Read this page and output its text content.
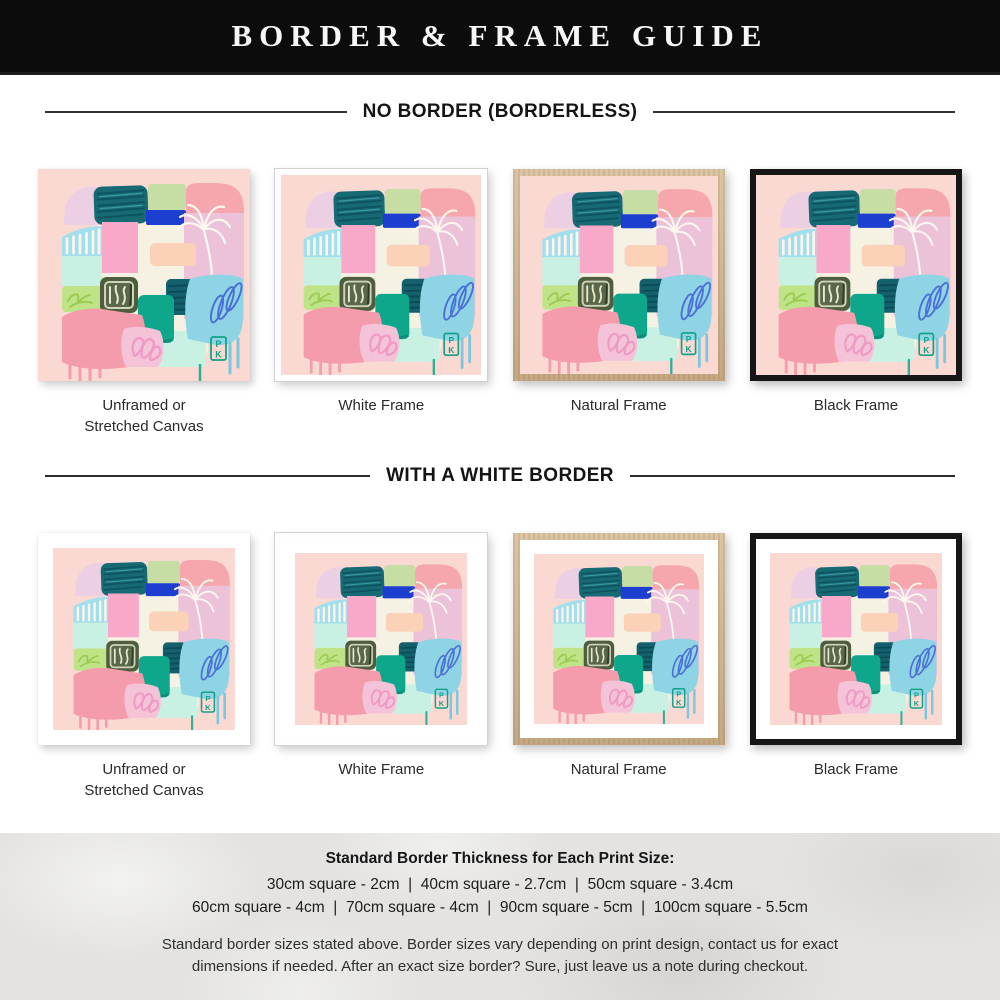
BORDER & FRAME GUIDE
NO BORDER (BORDERLESS)
Unframed or
Stretched Canvas
White Frame	Natural Frame	Black Frame
WITH A WHITE BORDER
Unframed or
Stretched Canvas
White Frame	Natural Frame	Black Frame

Standard Border Thickness for Each Print Size:

30cm square - 2cm  |  40cm square - 2.7cm  |  50cm square - 3.4cm

60cm square - 4cm  |  70cm square - 4cm  |  90cm square - 5cm  |  100cm square - 5.5cm

Standard border sizes stated above. Border sizes vary depending on print design, contact us for exact dimensions if needed. After an exact size border? Sure, just leave us a note during checkout.
